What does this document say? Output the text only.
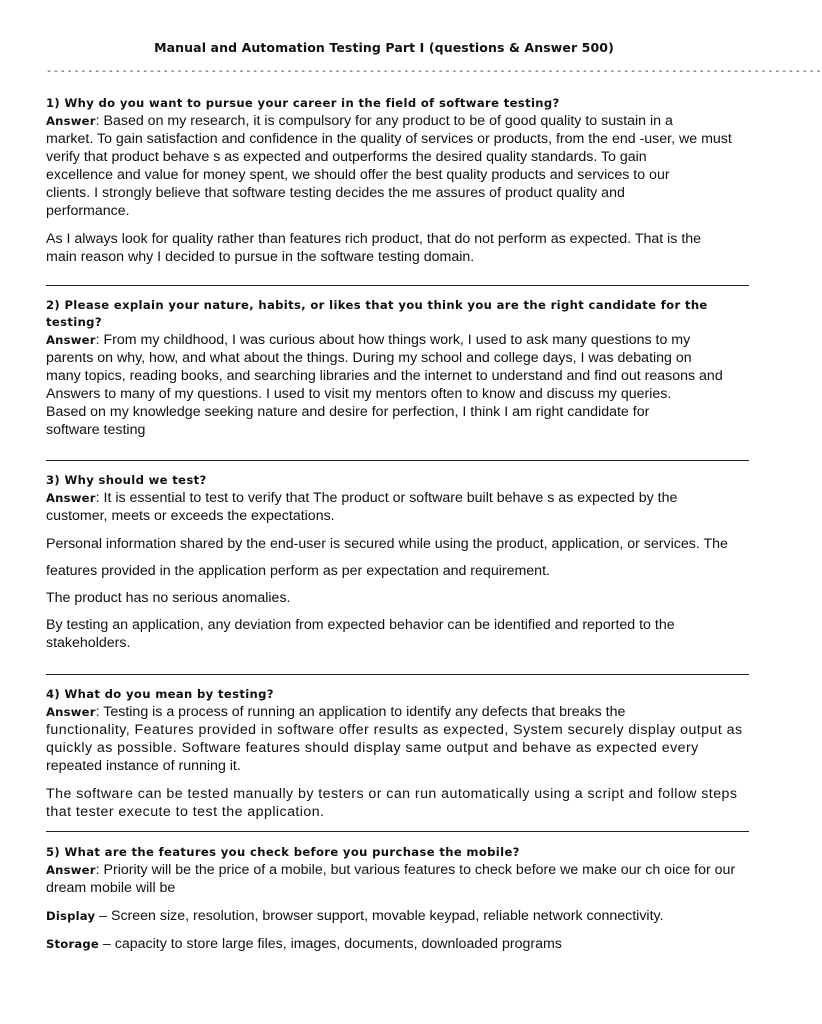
Manual and Automation Testing Part I (questions & Answer 500)
-----------------------------------------------------------------------------------------------------------------

1) Why do you want to pursue your career in the field of software testing?

Answer: Based on my research, it is compulsory for any product to be of good quality to sustain in a
market. To gain satisfaction and confidence in the quality of services or products, from the end -user, we must
verify that product behave s as expected and outperforms the desired quality standards. To gain
excellence and value for money spent, we should offer the best quality products and services to our
clients. I strongly believe that software testing decides the me assures of product quality and
performance.

As I always look for quality rather than features rich product, that do not perform as expected. That is the
main reason why I decided to pursue in the software testing domain.

2) Please explain your nature, habits, or likes that you think you are the right candidate for the
testing?

Answer: From my childhood, I was curious about how things work, I used to ask many questions to my
parents on why, how, and what about the things. During my school and college days, I was debating on
many topics, reading books, and searching libraries and the internet to understand and find out reasons and
Answers to many of my questions. I used to visit my mentors often to know and discuss my queries.
Based on my knowledge seeking nature and desire for perfection, I think I am right candidate for
software testing

3) Why should we test?

Answer: It is essential to test to verify that The product or software built behave s as expected by the
customer, meets or exceeds the expectations.

Personal information shared by the end-user is secured while using the product, application, or services. The

features provided in the application perform as per expectation and requirement.

The product has no serious anomalies.

By testing an application, any deviation from expected behavior can be identified and reported to the
stakeholders.

4) What do you mean by testing?

Answer: Testing is a process of running an application to identify any defects that breaks the
functionality, Features provided in software offer results as expected, System securely display output as
quickly as possible. Software features should display same output and behave as expected every
repeated instance of running it.

The software can be tested manually by testers or can run automatically using a script and follow steps
that tester execute to test the application.

5) What are the features you check before you purchase the mobile?

Answer: Priority will be the price of a mobile, but various features to check before we make our ch oice for our
dream mobile will be

Display – Screen size, resolution, browser support, movable keypad, reliable network connectivity.

Storage – capacity to store large files, images, documents, downloaded programs
